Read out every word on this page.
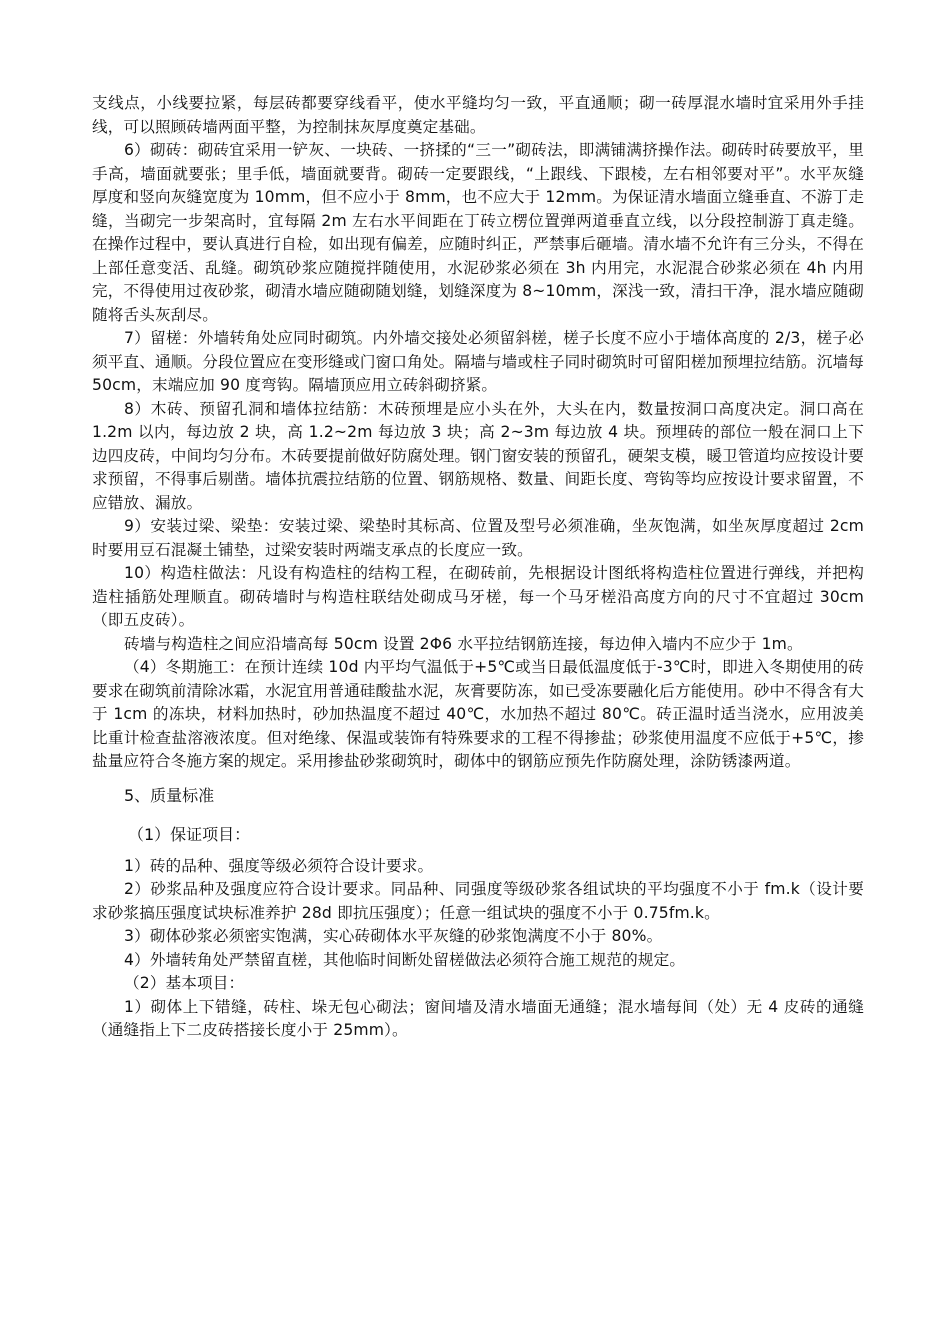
支线点，小线要拉紧，每层砖都要穿线看平，使水平缝均匀一致，平直通顺；砌一砖厚混水墙时宜采用外手挂线，可以照顾砖墙两面平整，为控制抹灰厚度奠定基础。

6）砌砖：砌砖宜采用一铲灰、一块砖、一挤揉的“三一”砌砖法，即满铺满挤操作法。砌砖时砖要放平，里手高，墙面就要张；里手低，墙面就要背。砌砖一定要跟线，“上跟线、下跟棱，左右相邻要对平”。水平灰缝厚度和竖向灰缝宽度为 10mm，但不应小于 8mm，也不应大于 12mm。为保证清水墙面立缝垂直、不游丁走缝，当砌完一步架高时，宜每隔 2m 左右水平间距在丁砖立楞位置弹两道垂直立线，以分段控制游丁真走缝。在操作过程中，要认真进行自检，如出现有偏差，应随时纠正，严禁事后砸墙。清水墙不允许有三分头，不得在上部任意变活、乱缝。砌筑砂浆应随搅拌随使用，水泥砂浆必须在 3h 内用完，水泥混合砂浆必须在 4h 内用完，不得使用过夜砂浆，砌清水墙应随砌随划缝，划缝深度为 8~10mm，深浅一致，清扫干净，混水墙应随砌随将舌头灰刮尽。

7）留槎：外墙转角处应同时砌筑。内外墙交接处必须留斜槎，槎子长度不应小于墙体高度的 2/3，槎子必须平直、通顺。分段位置应在变形缝或门窗口角处。隔墙与墙或柱子同时砌筑时可留阳槎加预埋拉结筋。沉墙每 50cm，末端应加 90 度弯钩。隔墙顶应用立砖斜砌挤紧。

8）木砖、预留孔洞和墙体拉结筋：木砖预埋是应小头在外，大头在内，数量按洞口高度决定。洞口高在 1.2m 以内，每边放 2 块，高 1.2~2m 每边放 3 块；高 2~3m 每边放 4 块。预埋砖的部位一般在洞口上下边四皮砖，中间均匀分布。木砖要提前做好防腐处理。钢门窗安装的预留孔，硬架支模，暖卫管道均应按设计要求预留，不得事后剔凿。墙体抗震拉结筋的位置、钢筋规格、数量、间距长度、弯钩等均应按设计要求留置，不应错放、漏放。

9）安装过梁、梁垫：安装过梁、梁垫时其标高、位置及型号必须准确，坐灰饱满，如坐灰厚度超过 2cm 时要用豆石混凝土铺垫，过梁安装时两端支承点的长度应一致。

10）构造柱做法：凡设有构造柱的结构工程，在砌砖前，先根据设计图纸将构造柱位置进行弹线，并把构造柱插筋处理顺直。砌砖墙时与构造柱联结处砌成马牙槎，每一个马牙槎沿高度方向的尺寸不宜超过 30cm（即五皮砖）。

砖墙与构造柱之间应沿墙高每 50cm 设置 2Φ6 水平拉结钢筋连接，每边伸入墙内不应少于 1m。

（4）冬期施工：在预计连续 10d 内平均气温低于+5℃或当日最低温度低于-3℃时，即进入冬期使用的砖要求在砌筑前清除冰霜，水泥宜用普通硅酸盐水泥，灰膏要防冻，如已受冻要融化后方能使用。砂中不得含有大于 1cm 的冻块，材料加热时，砂加热温度不超过 40℃，水加热不超过 80℃。砖正温时适当浇水，应用波美比重计检查盐溶液浓度。但对绝缘、保温或装饰有特殊要求的工程不得掺盐；砂浆使用温度不应低于+5℃，掺盐量应符合冬施方案的规定。采用掺盐砂浆砌筑时，砌体中的钢筋应预先作防腐处理，涂防锈漆两道。

5、质量标准

（1）保证项目：

1）砖的品种、强度等级必须符合设计要求。

2）砂浆品种及强度应符合设计要求。同品种、同强度等级砂浆各组试块的平均强度不小于 fm.k（设计要求砂浆搞压强度试块标准养护 28d 即抗压强度）；任意一组试块的强度不小于 0.75fm.k。

3）砌体砂浆必须密实饱满，实心砖砌体水平灰缝的砂浆饱满度不小于 80%。

4）外墙转角处严禁留直槎，其他临时间断处留槎做法必须符合施工规范的规定。

（2）基本项目：

1）砌体上下错缝，砖柱、垛无包心砌法；窗间墙及清水墙面无通缝；混水墙每间（处）无 4 皮砖的通缝（通缝指上下二皮砖搭接长度小于 25mm）。
